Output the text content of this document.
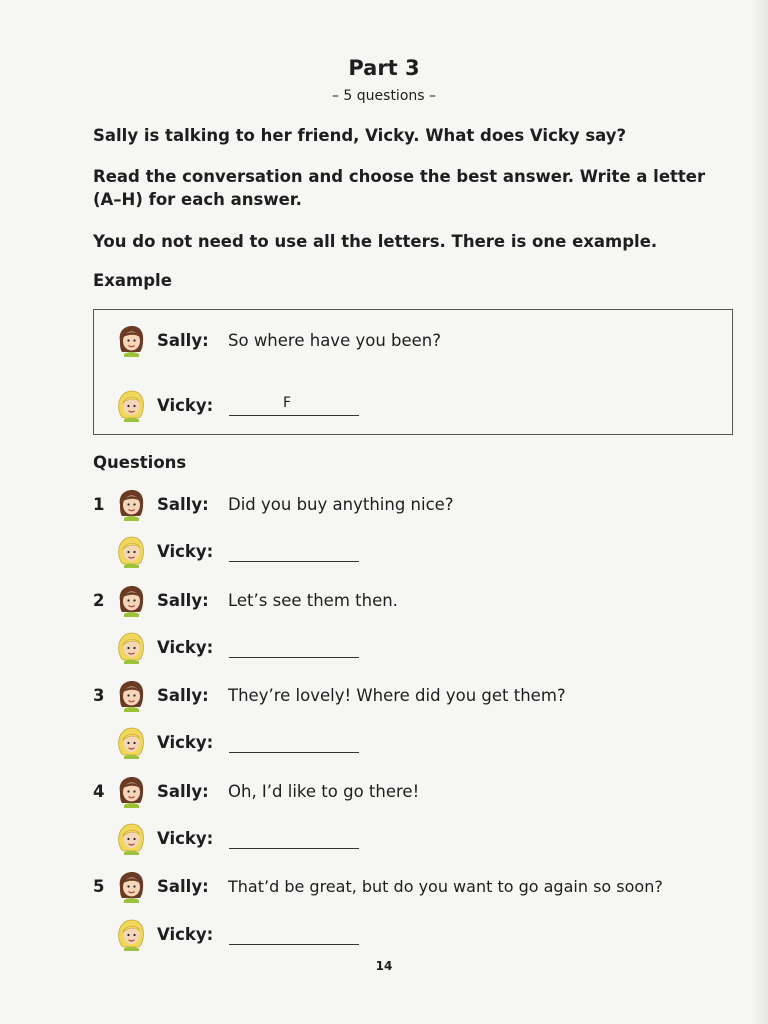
Part 3

– 5 questions –

Sally is talking to her friend, Vicky. What does Vicky say?

Read the conversation and choose the best answer. Write a letter (A–H) for each answer.

You do not need to use all the letters. There is one example.

Example

Sally: So where have you been?
Vicky:	F

Questions

1	Sally: Did you buy anything nice?
Vicky:
2	Sally: Let’s see them then.
Vicky:
3	Sally: They’re lovely! Where did you get them?
Vicky:
4	Sally: Oh, I’d like to go there!
Vicky:
5	Sally: That’d be great, but do you want to go again so soon?
Vicky:
14
